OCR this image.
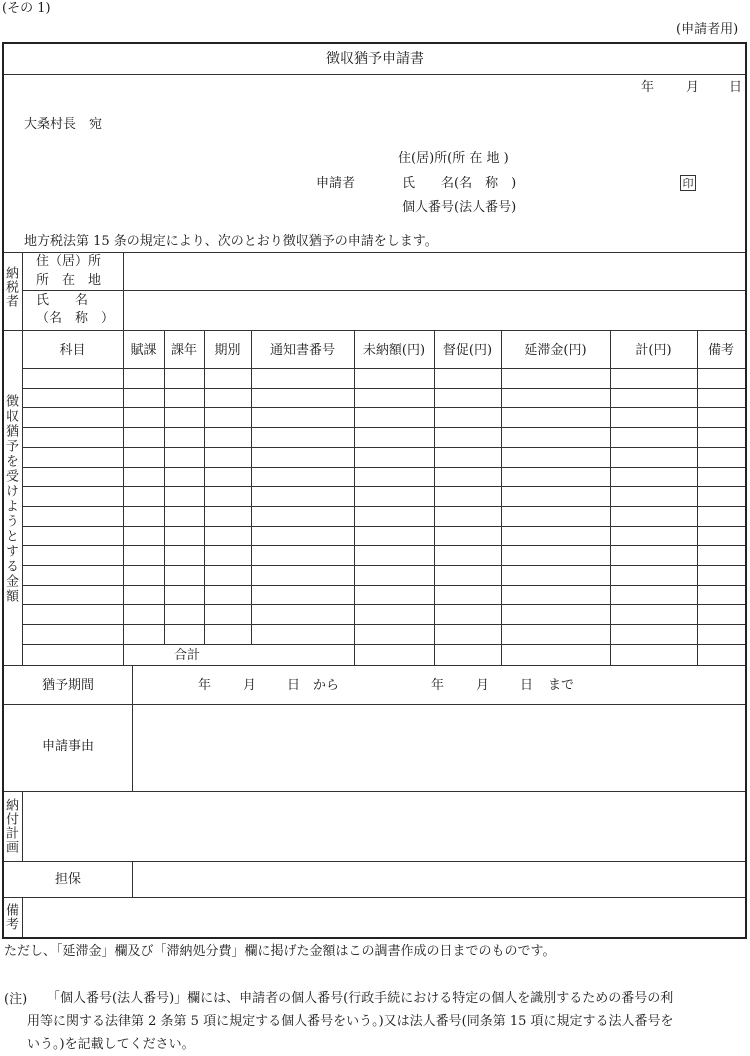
(その 1)
(申請者用)
徴収猶予申請書
年 月 日
大桑村長　宛
住(居)所(所 在 地 )
申請者	氏　　名(名　称　)	印
個人番号(法人番号)
地方税法第 15 条の規定により、次のとおり徴収猶予の申請をします。
納税者
住（居）所
所　在　地
氏　　名
（名　称　）
徴収猶予を受けようとする金額
科目	賦課	課年	期別	通知書番号	未納額(円)	督促(円)	延滞金(円)	計(円)	備考
合計
猶予期間	年 月 日 から	年 月 日 まで
申請事由
納付計画
担保
備考
ただし、「延滞金」欄及び「滞納処分費」欄に掲げた金額はこの調書作成の日までのものです。
(注) 「個人番号(法人番号)」欄には、申請者の個人番号(行政手続における特定の個人を識別するための番号の利
用等に関する法律第 2 条第 5 項に規定する個人番号をいう。)又は法人番号(同条第 15 項に規定する法人番号を
いう。)を記載してください。
